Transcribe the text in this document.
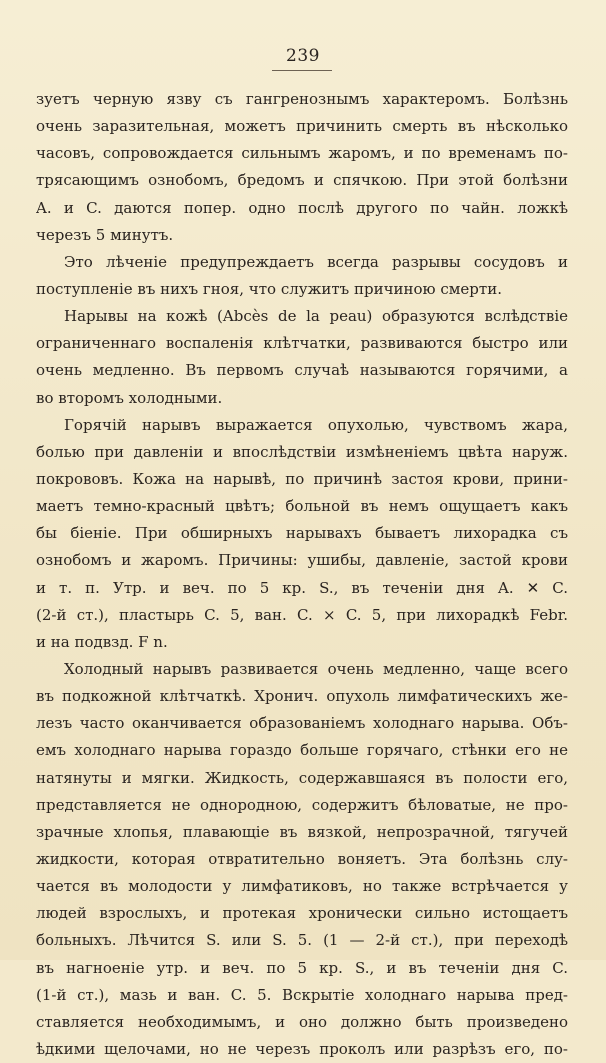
239
зуетъ черную язву съ гангренознымъ характеромъ. Болѣзнь
очень заразительная, можетъ причинить смерть въ нѣсколько
часовъ, сопровождается сильнымъ жаромъ, и по временамъ по-
трясающимъ ознобомъ, бредомъ и спячкою. При этой болѣзни
A. и C. даются попер. одно послѣ другого по чайн. ложкѣ
черезъ 5 минутъ.
Это лѣченіе предупреждаетъ всегда разрывы сосудовъ и
поступленіе въ нихъ гноя, что служитъ причиною смерти.
Нарывы на кожѣ (Abcès de la peau) образуются вслѣдствіе
ограниченнаго воспаленія клѣтчатки, развиваются быстро или
очень медленно. Въ первомъ случаѣ называются горячими, а
во второмъ холодными.
Горячій нарывъ выражается опухолью, чувствомъ жара,
болью при давленіи и впослѣдствіи измѣненіемъ цвѣта наруж.
покрововъ. Кожа на нарывѣ, по причинѣ застоя крови, прини-
маетъ темно-красный цвѣтъ; больной въ немъ ощущаетъ какъ
бы біеніе. При обширныхъ нарывахъ бываетъ лихорадка съ
ознобомъ и жаромъ. Причины: ушибы, давленіе, застой крови
и т. п. Утр. и веч. по 5 кр. S., въ теченіи дня A. ✕ C.
(2-й ст.), пластырь C. 5, ван. C. × C. 5, при лихорадкѣ Febr.
и на подвзд. F n.
Холодный нарывъ развивается очень медленно, чаще всего
въ подкожной клѣтчаткѣ. Хронич. опухоль лимфатическихъ же-
лезъ часто оканчивается образованіемъ холоднаго нарыва. Объ-
емъ холоднаго нарыва гораздо больше горячаго, стѣнки его не
натянуты и мягки. Жидкость, содержавшаяся въ полости его,
представляется не однородною, содержитъ бѣловатые, не про-
зрачные хлопья, плавающіе въ вязкой, непрозрачной, тягучей
жидкости, которая отвратительно воняетъ. Эта болѣзнь слу-
чается въ молодости у лимфатиковъ, но также встрѣчается у
людей взрослыхъ, и протекая хронически сильно истощаетъ
больныхъ. Лѣчится S. или S. 5. (1 — 2-й ст.), при переходѣ
въ нагноеніе утр. и веч. по 5 кр. S., и въ теченіи дня C.
(1-й ст.), мазь и ван. C. 5. Вскрытіе холоднаго нарыва пред-
ставляется необходимымъ, и оно должно быть произведено
ѣдкими щелочами, но не черезъ проколъ или разрѣзъ его, по-
